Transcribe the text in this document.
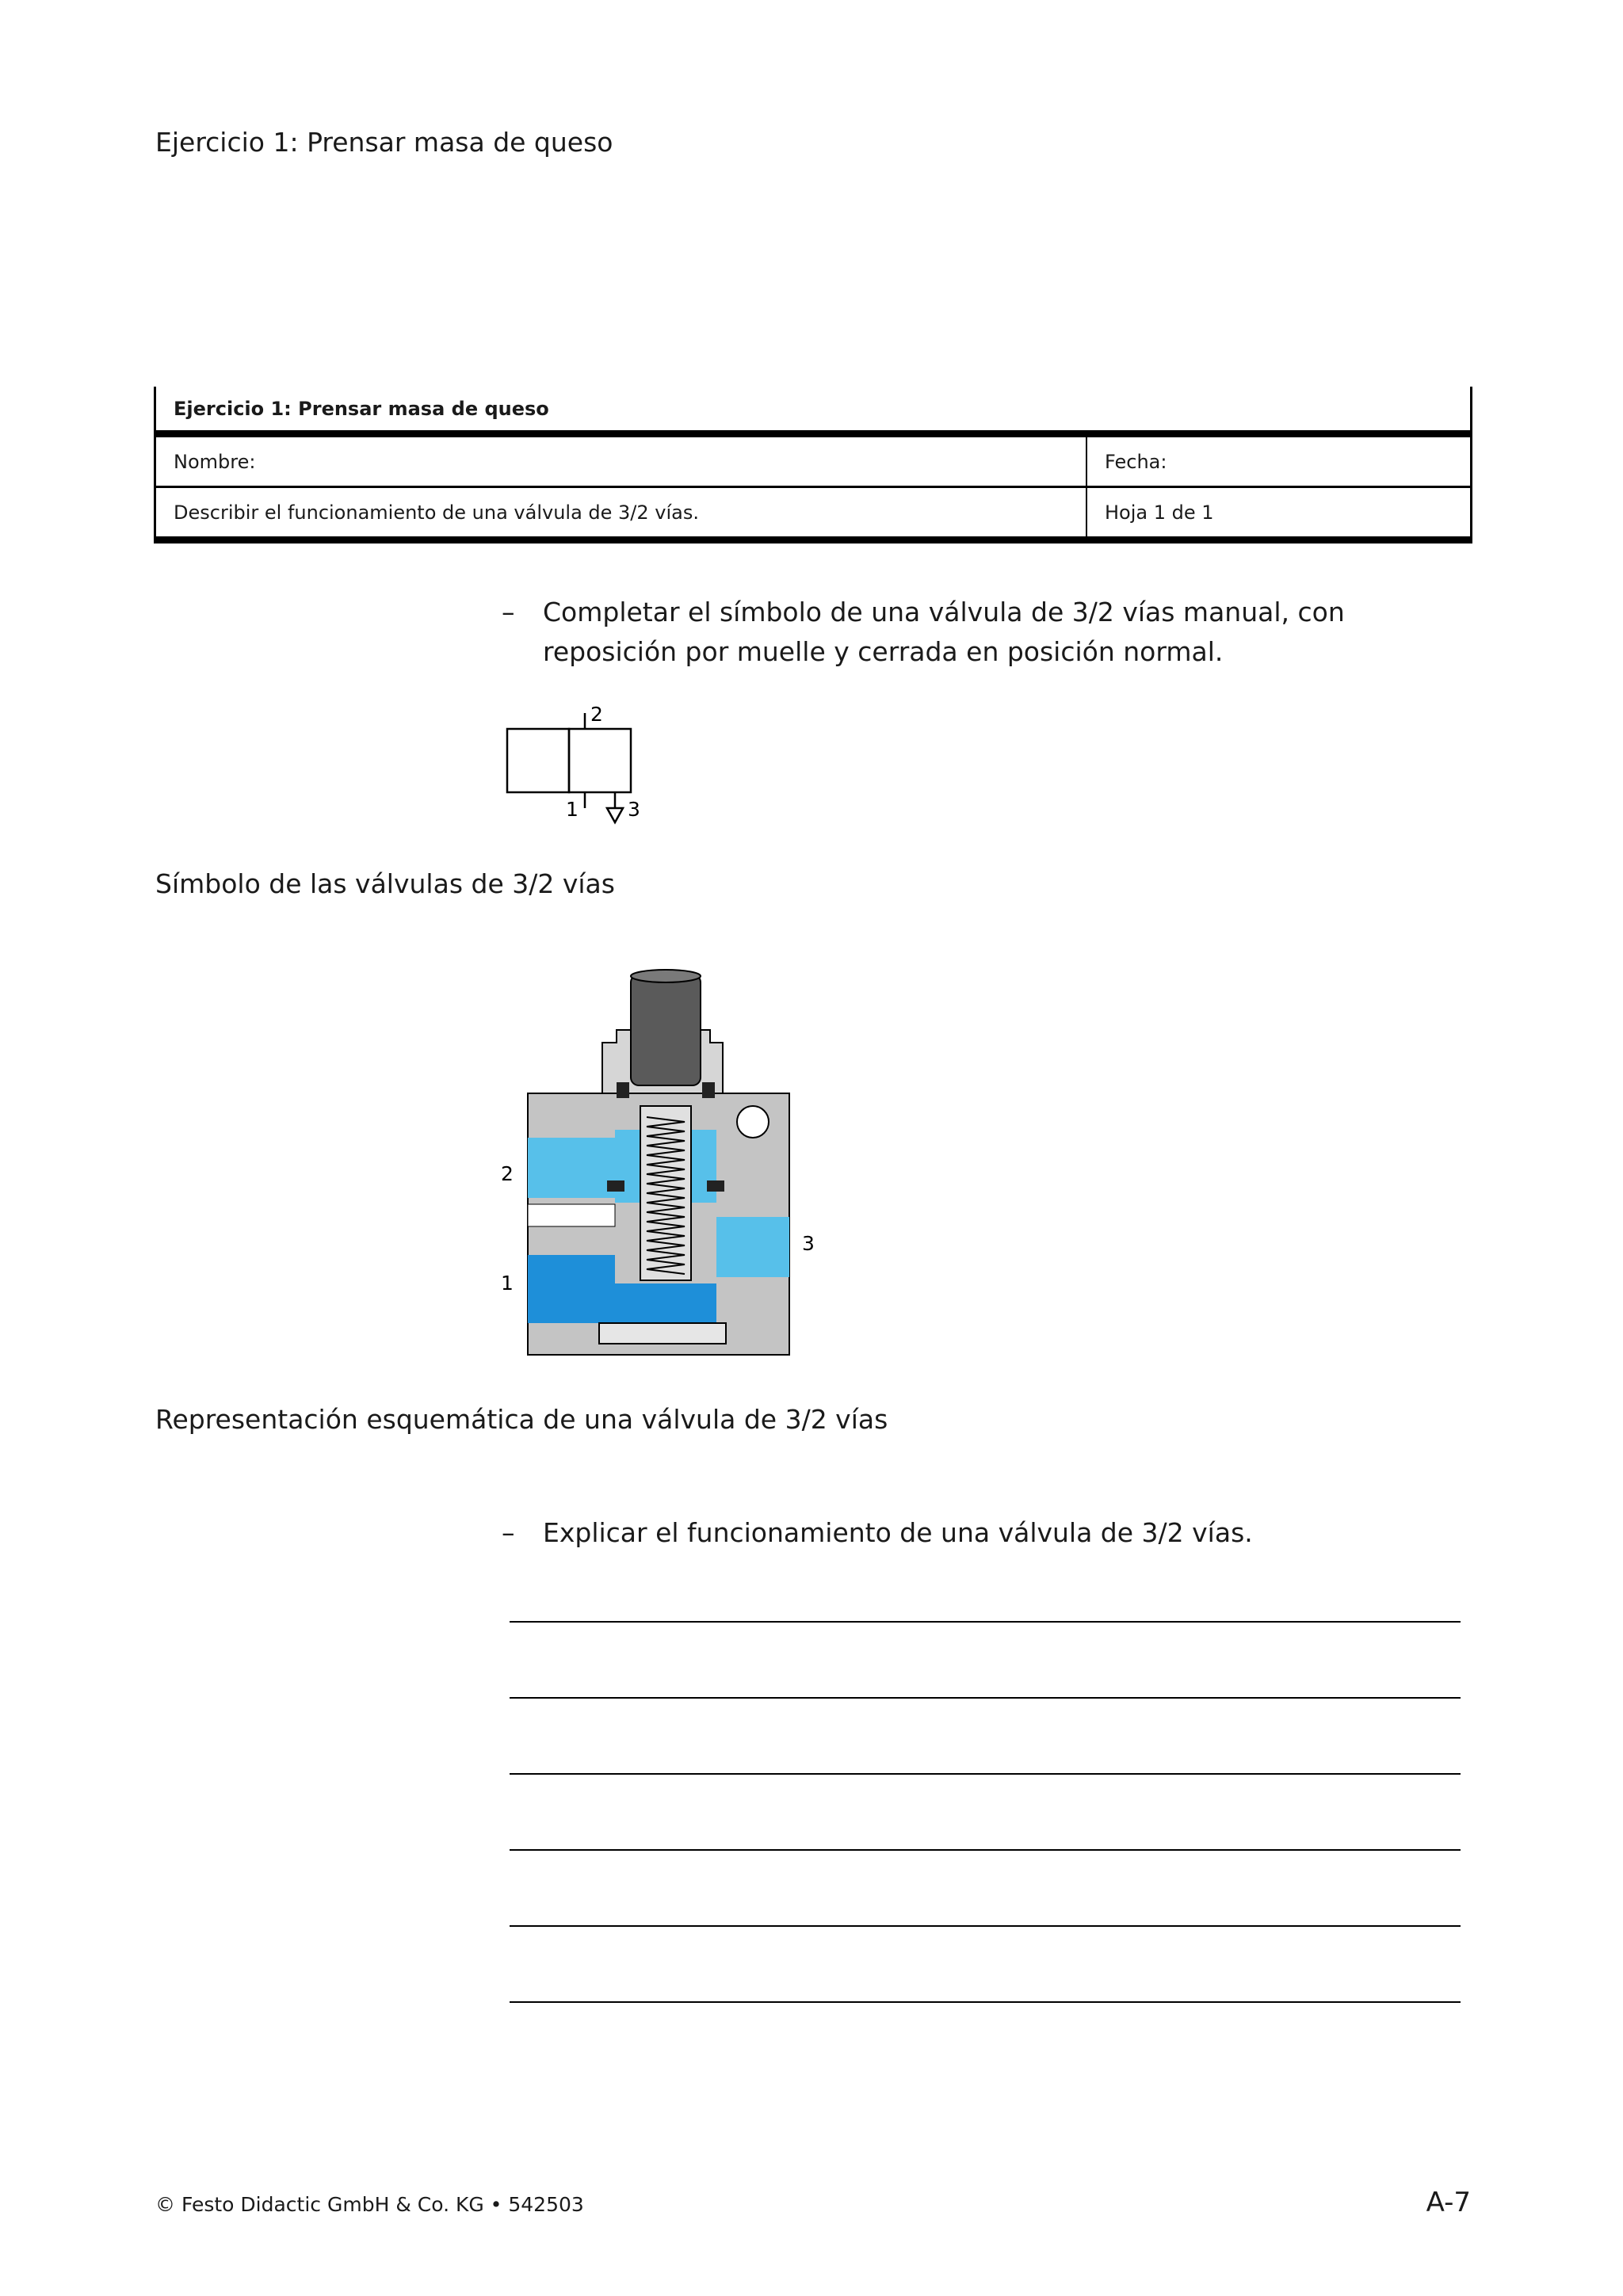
Ejercicio 1: Prensar masa de queso
Ejercicio 1: Prensar masa de queso
Nombre:	Fecha:
Describir el funcionamiento de una válvula de 3/2 vías.	Hoja 1 de 1
–	Completar el símbolo de una válvula de 3/2 vías manual, con reposición por muelle y cerrada en posición normal.
2
1 3
Símbolo de las válvulas de 3/2 vías
2
1
3
Representación esquemática de una válvula de 3/2 vías
–	Explicar el funcionamiento de una válvula de 3/2 vías.
© Festo Didactic GmbH & Co. KG • 542503	A-7
